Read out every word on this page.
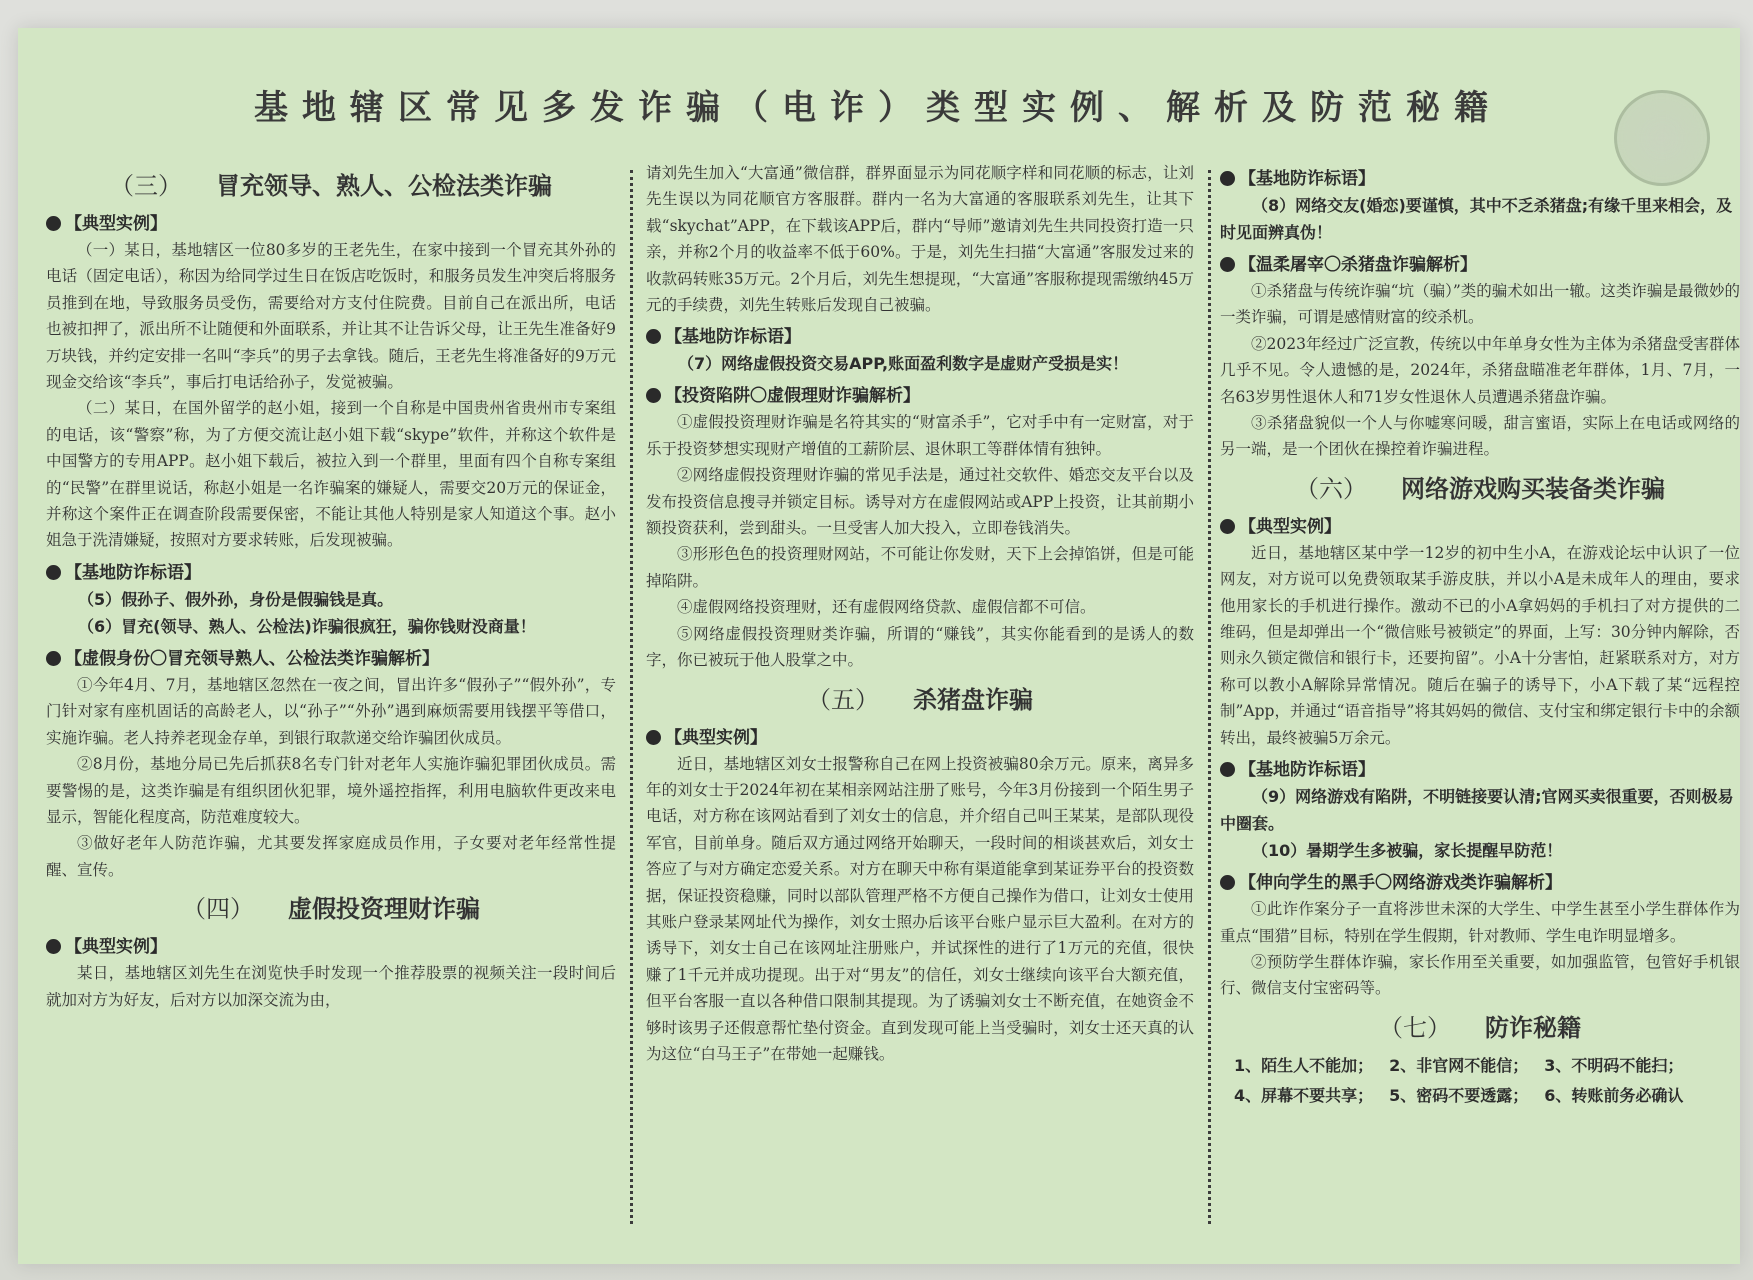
基地辖区常见多发诈骗（电诈）类型实例、解析及防范秘籍
（三） 冒充领导、熟人、公检法类诈骗
【典型实例】

（一）某日，基地辖区一位80多岁的王老先生，在家中接到一个冒充其外孙的电话（固定电话），称因为给同学过生日在饭店吃饭时，和服务员发生冲突后将服务员推到在地，导致服务员受伤，需要给对方支付住院费。目前自己在派出所，电话也被扣押了，派出所不让随便和外面联系，并让其不让告诉父母，让王先生准备好9万块钱，并约定安排一名叫“李兵”的男子去拿钱。随后，王老先生将准备好的9万元现金交给该“李兵”，事后打电话给孙子，发觉被骗。

（二）某日，在国外留学的赵小姐，接到一个自称是中国贵州省贵州市专案组的电话，该“警察”称，为了方便交流让赵小姐下载“skype”软件，并称这个软件是中国警方的专用APP。赵小姐下载后，被拉入到一个群里，里面有四个自称专案组的“民警”在群里说话，称赵小姐是一名诈骗案的嫌疑人，需要交20万元的保证金，并称这个案件正在调查阶段需要保密，不能让其他人特别是家人知道这个事。赵小姐急于洗清嫌疑，按照对方要求转账，后发现被骗。

【基地防诈标语】

（5）假孙子、假外孙，身份是假骗钱是真。

（6）冒充(领导、熟人、公检法)诈骗很疯狂，骗你钱财没商量！

【虚假身份〇冒充领导熟人、公检法类诈骗解析】

①今年4月、7月，基地辖区忽然在一夜之间，冒出许多“假孙子”“假外孙”，专门针对家有座机固话的高龄老人，以“孙子”“外孙”遇到麻烦需要用钱摆平等借口，实施诈骗。老人持养老现金存单，到银行取款递交给诈骗团伙成员。

②8月份，基地分局已先后抓获8名专门针对老年人实施诈骗犯罪团伙成员。需要警惕的是，这类诈骗是有组织团伙犯罪，境外遥控指挥，利用电脑软件更改来电显示，智能化程度高，防范难度较大。

③做好老年人防范诈骗，尤其要发挥家庭成员作用，子女要对老年经常性提醒、宣传。

（四） 虚假投资理财诈骗
【典型实例】

某日，基地辖区刘先生在浏览快手时发现一个推荐股票的视频关注一段时间后就加对方为好友，后对方以加深交流为由，

请刘先生加入“大富通”微信群，群界面显示为同花顺字样和同花顺的标志，让刘先生误以为同花顺官方客服群。群内一名为大富通的客服联系刘先生，让其下载“skychat”APP，在下载该APP后，群内“导师”邀请刘先生共同投资打造一只亲，并称2个月的收益率不低于60%。于是，刘先生扫描“大富通”客服发过来的收款码转账35万元。2个月后，刘先生想提现，“大富通”客服称提现需缴纳45万元的手续费，刘先生转账后发现自己被骗。

【基地防诈标语】

（7）网络虚假投资交易APP,账面盈利数字是虚财产受损是实！

【投资陷阱〇虚假理财诈骗解析】

①虚假投资理财诈骗是名符其实的“财富杀手”，它对手中有一定财富，对于乐于投资梦想实现财产增值的工薪阶层、退休职工等群体情有独钟。

②网络虚假投资理财诈骗的常见手法是，通过社交软件、婚恋交友平台以及发布投资信息搜寻并锁定目标。诱导对方在虚假网站或APP上投资，让其前期小额投资获利，尝到甜头。一旦受害人加大投入，立即卷钱消失。

③形形色色的投资理财网站，不可能让你发财，天下上会掉馅饼，但是可能掉陷阱。

④虚假网络投资理财，还有虚假网络贷款、虚假信都不可信。

⑤网络虚假投资理财类诈骗，所谓的“赚钱”，其实你能看到的是诱人的数字，你已被玩于他人股掌之中。

（五） 杀猪盘诈骗
【典型实例】

近日，基地辖区刘女士报警称自己在网上投资被骗80余万元。原来，离异多年的刘女士于2024年初在某相亲网站注册了账号，今年3月份接到一个陌生男子电话，对方称在该网站看到了刘女士的信息，并介绍自己叫王某某，是部队现役军官，目前单身。随后双方通过网络开始聊天，一段时间的相谈甚欢后，刘女士答应了与对方确定恋爱关系。对方在聊天中称有渠道能拿到某证券平台的投资数据，保证投资稳赚，同时以部队管理严格不方便自己操作为借口，让刘女士使用其账户登录某网址代为操作，刘女士照办后该平台账户显示巨大盈利。在对方的诱导下，刘女士自己在该网址注册账户，并试探性的进行了1万元的充值，很快赚了1千元并成功提现。出于对“男友”的信任，刘女士继续向该平台大额充值，但平台客服一直以各种借口限制其提现。为了诱骗刘女士不断充值，在她资金不够时该男子还假意帮忙垫付资金。直到发现可能上当受骗时，刘女士还天真的认为这位“白马王子”在带她一起赚钱。

【基地防诈标语】

（8）网络交友(婚恋)要谨慎，其中不乏杀猪盘;有缘千里来相会，及时见面辨真伪！

【温柔屠宰〇杀猪盘诈骗解析】

①杀猪盘与传统诈骗“坑（骗）”类的骗术如出一辙。这类诈骗是最微妙的一类诈骗，可谓是感情财富的绞杀机。

②2023年经过广泛宣教，传统以中年单身女性为主体为杀猪盘受害群体几乎不见。令人遗憾的是，2024年，杀猪盘瞄准老年群体，1月、7月，一名63岁男性退休人和71岁女性退休人员遭遇杀猪盘诈骗。

③杀猪盘貌似一个人与你嘘寒问暖，甜言蜜语，实际上在电话或网络的另一端，是一个团伙在操控着诈骗进程。

（六） 网络游戏购买装备类诈骗
【典型实例】

近日，基地辖区某中学一12岁的初中生小A，在游戏论坛中认识了一位网友，对方说可以免费领取某手游皮肤，并以小A是未成年人的理由，要求他用家长的手机进行操作。激动不已的小A拿妈妈的手机扫了对方提供的二维码，但是却弹出一个“微信账号被锁定”的界面，上写：30分钟内解除，否则永久锁定微信和银行卡，还要拘留”。小A十分害怕，赶紧联系对方，对方称可以教小A解除异常情况。随后在骗子的诱导下，小A下载了某“远程控制”App，并通过“语音指导”将其妈妈的微信、支付宝和绑定银行卡中的余额转出，最终被骗5万余元。

【基地防诈标语】

（9）网络游戏有陷阱，不明链接要认清;官网买卖很重要，否则极易中圈套。

（10）暑期学生多被骗，家长提醒早防范！

【伸向学生的黑手〇网络游戏类诈骗解析】

①此诈作案分子一直将涉世未深的大学生、中学生甚至小学生群体作为重点“围猎”目标，特别在学生假期，针对教师、学生电诈明显增多。

②预防学生群体诈骗，家长作用至关重要，如加强监管，包管好手机银行、微信支付宝密码等。

（七） 防诈秘籍

1、陌生人不能加； 2、非官网不能信； 3、不明码不能扫；

4、屏幕不要共享； 5、密码不要透露； 6、转账前务必确认
